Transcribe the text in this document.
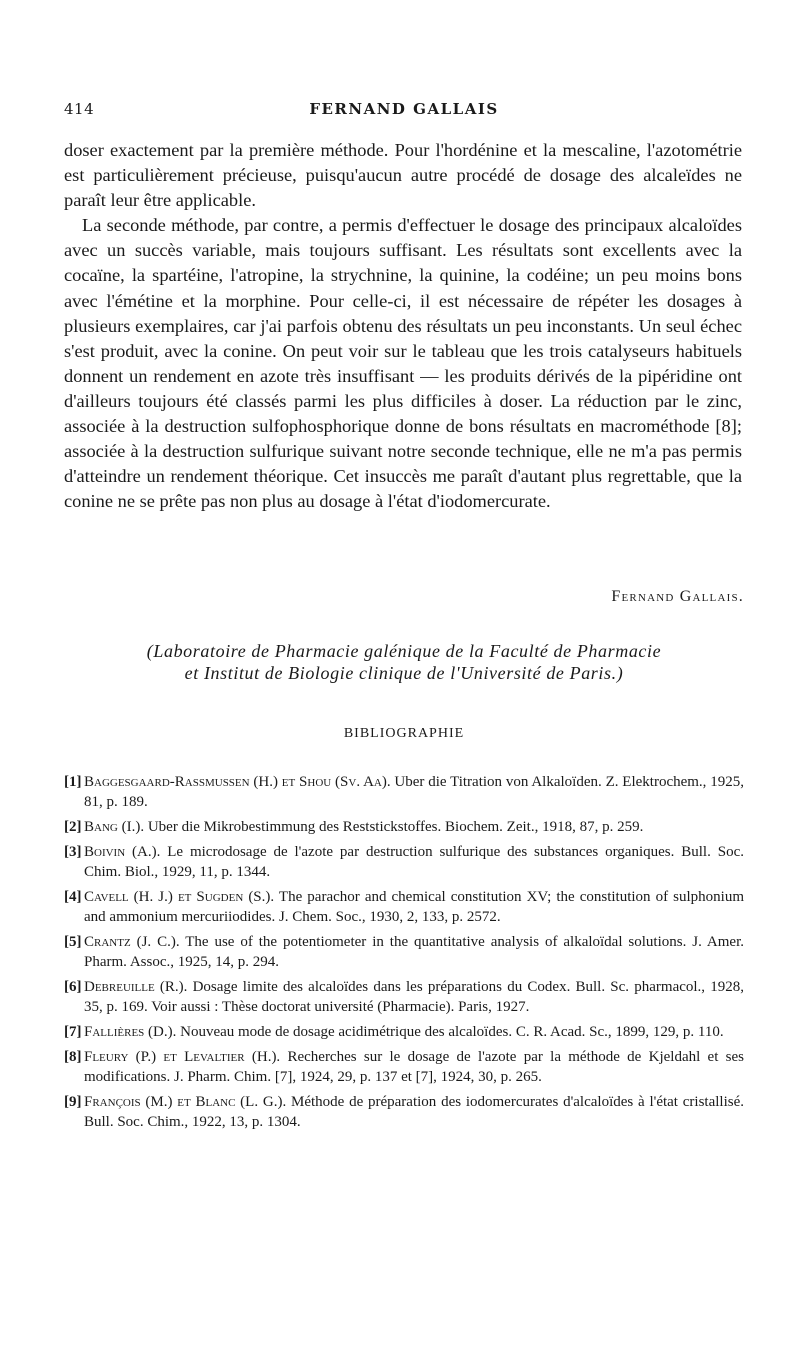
414	FERNAND GALLAIS

doser exactement par la première méthode. Pour l'hordénine et la mescaline, l'azotométrie est particulièrement précieuse, puisqu'aucun autre procédé de dosage des alcaleïdes ne paraît leur être applicable.

La seconde méthode, par contre, a permis d'effectuer le dosage des principaux alcaloïdes avec un succès variable, mais toujours suffisant. Les résultats sont excellents avec la cocaïne, la spartéine, l'atropine, la strychnine, la quinine, la codéine; un peu moins bons avec l'émétine et la morphine. Pour celle-ci, il est nécessaire de répéter les dosages à plusieurs exemplaires, car j'ai parfois obtenu des résultats un peu inconstants. Un seul échec s'est produit, avec la conine. On peut voir sur le tableau que les trois catalyseurs habituels donnent un rendement en azote très insuffisant — les produits dérivés de la pipéridine ont d'ailleurs toujours été classés parmi les plus difficiles à doser. La réduction par le zinc, associée à la destruction sulfophosphorique donne de bons résultats en macrométhode [8]; associée à la destruction sulfurique suivant notre seconde technique, elle ne m'a pas permis d'atteindre un rendement théorique. Cet insuccès me paraît d'autant plus regrettable, que la conine ne se prête pas non plus au dosage à l'état d'iodomercurate.

Fernand Gallais.
(Laboratoire de Pharmacie galénique de la Faculté de Pharmacie
et Institut de Biologie clinique de l'Université de Paris.)
BIBLIOGRAPHIE
[1] Baggesgaard-Rassmussen (H.) et Shou (Sv. Aa). Uber die Titration von Alkaloïden. Z. Elektrochem., 1925, 81, p. 189.
[2] Bang (I.). Uber die Mikrobestimmung des Reststickstoffes. Biochem. Zeit., 1918, 87, p. 259.
[3] Boivin (A.). Le microdosage de l'azote par destruction sulfurique des substances organiques. Bull. Soc. Chim. Biol., 1929, 11, p. 1344.
[4] Cavell (H. J.) et Sugden (S.). The parachor and chemical constitution XV; the constitution of sulphonium and ammonium mercuriiodides. J. Chem. Soc., 1930, 2, 133, p. 2572.
[5] Crantz (J. C.). The use of the potentiometer in the quantitative analysis of alkaloïdal solutions. J. Amer. Pharm. Assoc., 1925, 14, p. 294.
[6] Debreuille (R.). Dosage limite des alcaloïdes dans les préparations du Codex. Bull. Sc. pharmacol., 1928, 35, p. 169. Voir aussi : Thèse doctorat université (Pharmacie). Paris, 1927.
[7] Fallières (D.). Nouveau mode de dosage acidimétrique des alcaloïdes. C. R. Acad. Sc., 1899, 129, p. 110.
[8] Fleury (P.) et Levaltier (H.). Recherches sur le dosage de l'azote par la méthode de Kjeldahl et ses modifications. J. Pharm. Chim. [7], 1924, 29, p. 137 et [7], 1924, 30, p. 265.
[9] François (M.) et Blanc (L. G.). Méthode de préparation des iodomercurates d'alcaloïdes à l'état cristallisé. Bull. Soc. Chim., 1922, 13, p. 1304.
